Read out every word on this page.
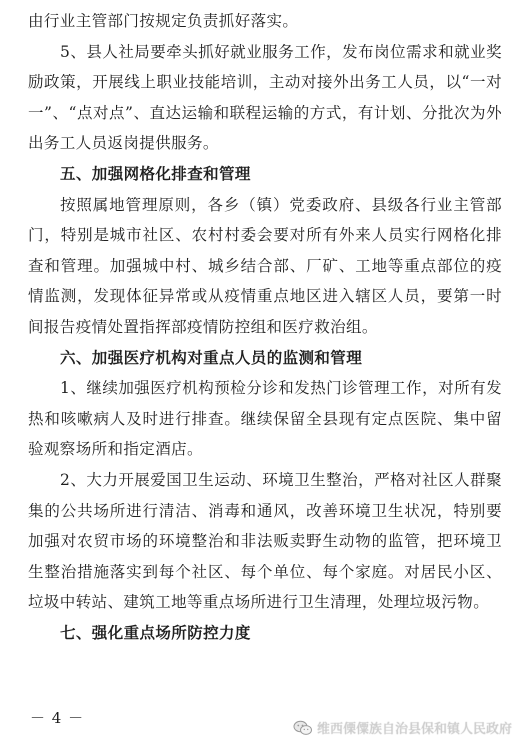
由行业主管部门按规定负责抓好落实。

5、县人社局要牵头抓好就业服务工作，发布岗位需求和就业奖励政策，开展线上职业技能培训，主动对接外出务工人员，以“一对一”、“点对点”、直达运输和联程运输的方式，有计划、分批次为外出务工人员返岗提供服务。

五、加强网格化排查和管理

按照属地管理原则，各乡（镇）党委政府、县级各行业主管部门，特别是城市社区、农村村委会要对所有外来人员实行网格化排查和管理。加强城中村、城乡结合部、厂矿、工地等重点部位的疫情监测，发现体征异常或从疫情重点地区进入辖区人员，要第一时间报告疫情处置指挥部疫情防控组和医疗救治组。

六、加强医疗机构对重点人员的监测和管理

1、继续加强医疗机构预检分诊和发热门诊管理工作，对所有发热和咳嗽病人及时进行排查。继续保留全县现有定点医院、集中留验观察场所和指定酒店。

2、大力开展爱国卫生运动、环境卫生整治，严格对社区人群聚集的公共场所进行清洁、消毒和通风，改善环境卫生状况，特别要加强对农贸市场的环境整治和非法贩卖野生动物的监管，把环境卫生整治措施落实到每个社区、每个单位、每个家庭。对居民小区、垃圾中转站、建筑工地等重点场所进行卫生清理，处理垃圾污物。

七、强化重点场所防控力度

－ 4 －
维西傈僳族自治县保和镇人民政府
